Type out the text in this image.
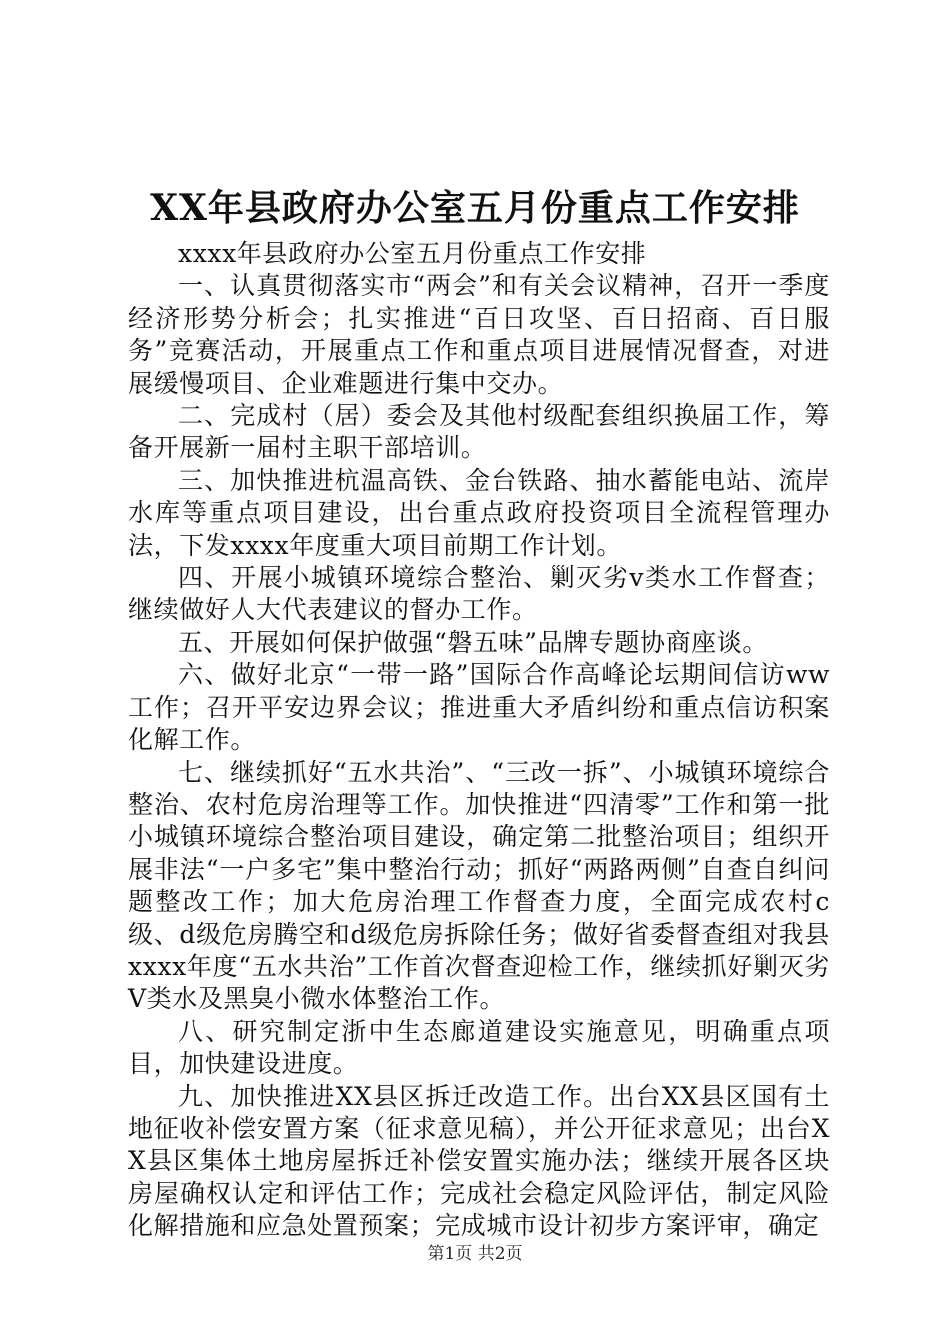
XX年县政府办公室五月份重点工作安排

xxxx年县政府办公室五月份重点工作安排

一、认真贯彻落实市“两会”和有关会议精神，召开一季度经济形势分析会；扎实推进“百日攻坚、百日招商、百日服务”竞赛活动，开展重点工作和重点项目进展情况督查，对进展缓慢项目、企业难题进行集中交办。

二、完成村（居）委会及其他村级配套组织换届工作，筹备开展新一届村主职干部培训。

三、加快推进杭温高铁、金台铁路、抽水蓄能电站、流岸水库等重点项目建设，出台重点政府投资项目全流程管理办法，下发xxxx年度重大项目前期工作计划。

四、开展小城镇环境综合整治、剿灭劣v类水工作督查；继续做好人大代表建议的督办工作。

五、开展如何保护做强“磐五味”品牌专题协商座谈。

六、做好北京“一带一路”国际合作高峰论坛期间信访ww工作；召开平安边界会议；推进重大矛盾纠纷和重点信访积案化解工作。

七、继续抓好“五水共治”、“三改一拆”、小城镇环境综合整治、农村危房治理等工作。加快推进“四清零”工作和第一批小城镇环境综合整治项目建设，确定第二批整治项目；组织开展非法“一户多宅”集中整治行动；抓好“两路两侧”自查自纠问题整改工作；加大危房治理工作督查力度，全面完成农村c级、d级危房腾空和d级危房拆除任务；做好省委督查组对我县xxxx年度“五水共治”工作首次督查迎检工作，继续抓好剿灭劣Ⅴ类水及黑臭小微水体整治工作。

八、研究制定浙中生态廊道建设实施意见，明确重点项目，加快建设进度。

九、加快推进XX县区拆迁改造工作。出台XX县区国有土地征收补偿安置方案（征求意见稿），并公开征求意见；出台XX县区集体土地房屋拆迁补偿安置实施办法；继续开展各区块房屋确权认定和评估工作；完成社会稳定风险评估，制定风险化解措施和应急处置预案；完成城市设计初步方案评审，确定

第1页 共2页
